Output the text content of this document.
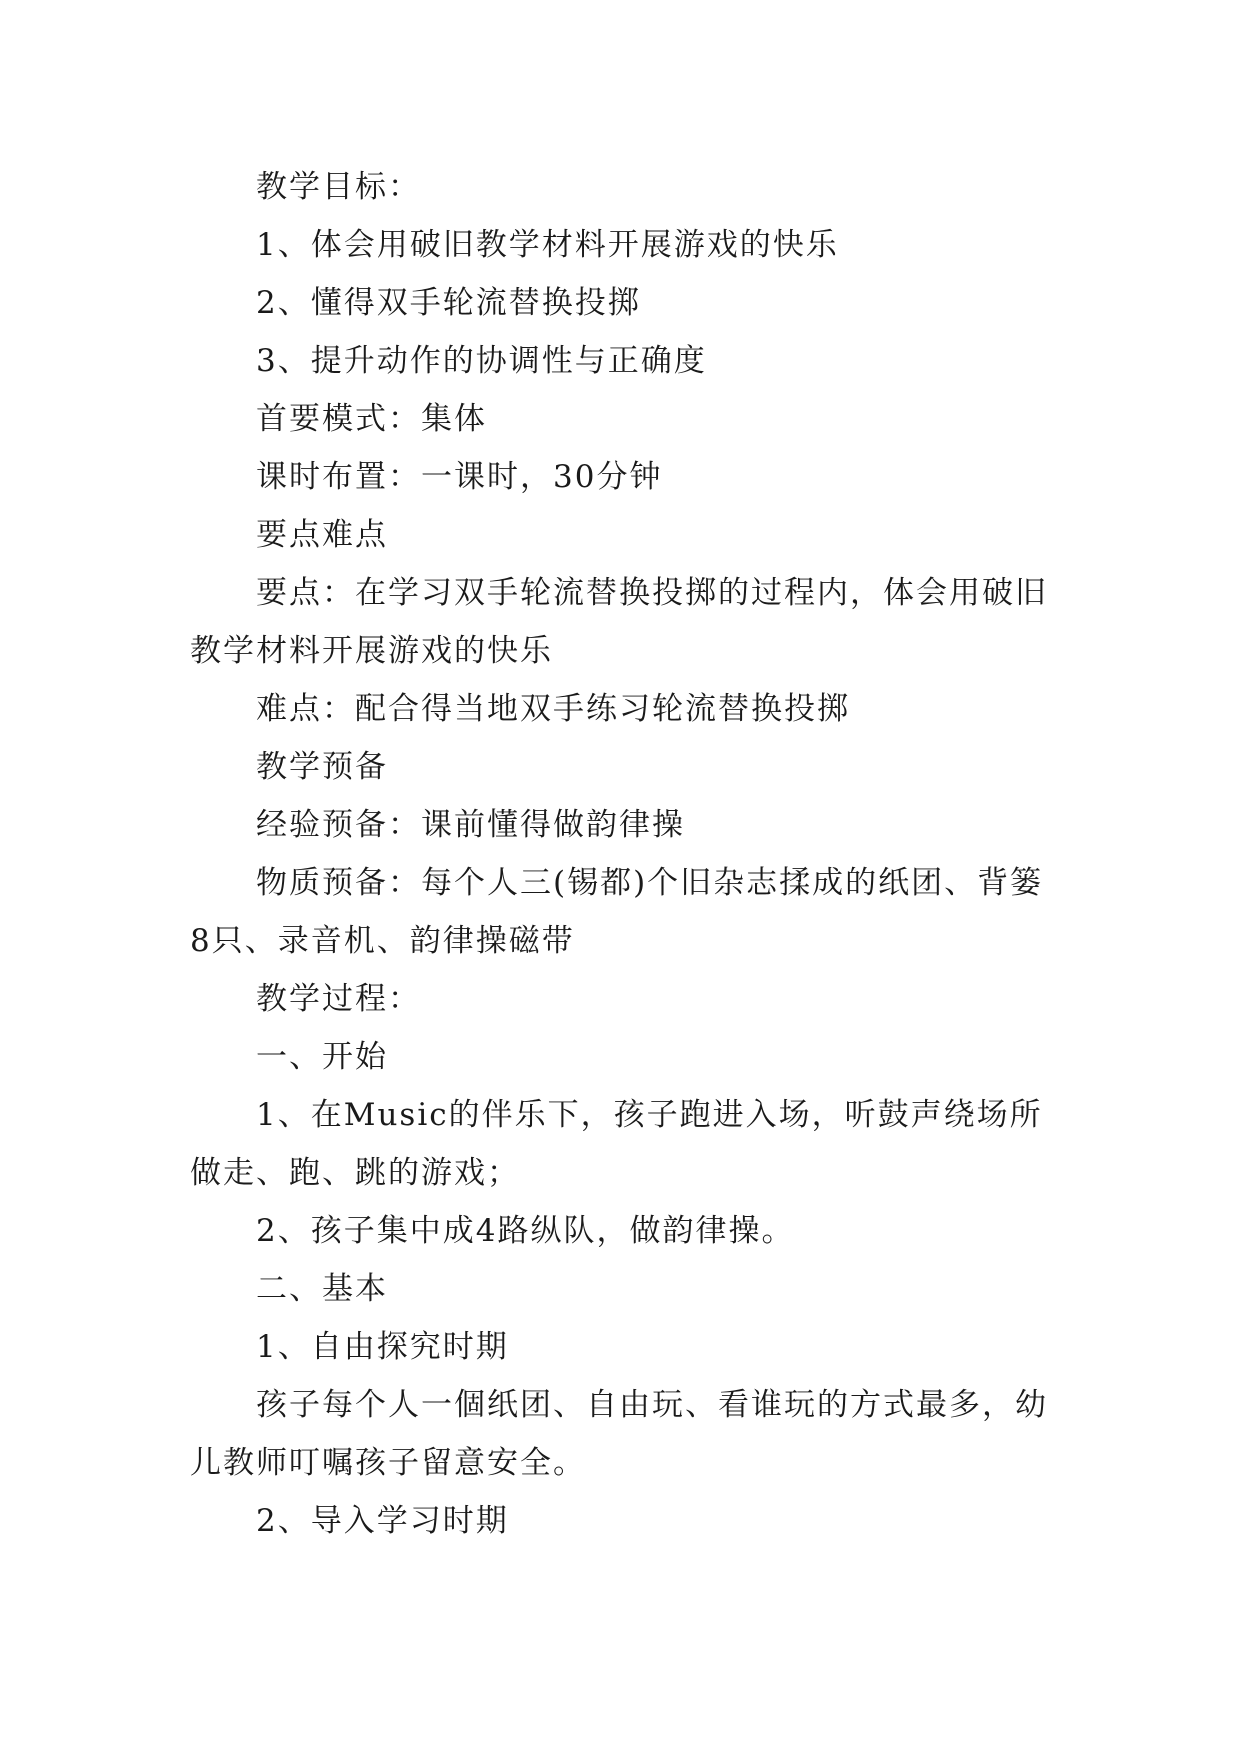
教学目标：

1、体会用破旧教学材料开展游戏的快乐

2、懂得双手轮流替换投掷

3、提升动作的协调性与正确度

首要模式：集体

课时布置：一课时，30分钟

要点难点

要点：在学习双手轮流替换投掷的过程内，体会用破旧教学材料开展游戏的快乐

难点：配合得当地双手练习轮流替换投掷

教学预备

经验预备：课前懂得做韵律操

物质预备：每个人三(锡都)个旧杂志揉成的纸团、背篓8只、录音机、韵律操磁带

教学过程：

一、开始

1、在Music的伴乐下，孩子跑进入场，听鼓声绕场所做走、跑、跳的游戏；

2、孩子集中成4路纵队，做韵律操。

二、基本

1、自由探究时期

孩子每个人一個纸团、自由玩、看谁玩的方式最多，幼儿教师叮嘱孩子留意安全。

2、导入学习时期
